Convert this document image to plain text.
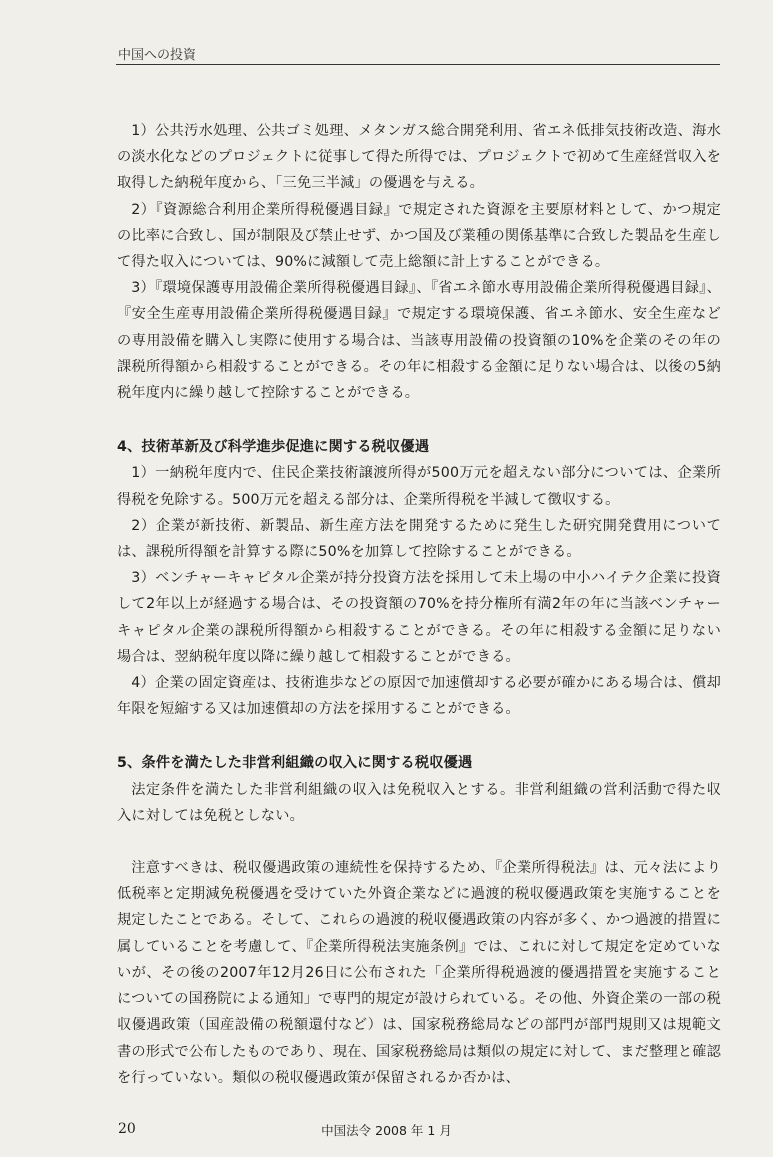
中国への投資

1）公共汚水処理、公共ゴミ処理、メタンガス総合開発利用、省エネ低排気技術改造、海水の淡水化などのプロジェクトに従事して得た所得では、プロジェクトで初めて生産経営収入を取得した納税年度から、「三免三半減」の優遇を与える。

2）『資源総合利用企業所得税優遇目録』で規定された資源を主要原材料として、かつ規定の比率に合致し、国が制限及び禁止せず、かつ国及び業種の関係基準に合致した製品を生産して得た収入については、90%に減額して売上総額に計上することができる。

3）『環境保護専用設備企業所得税優遇目録』、『省エネ節水専用設備企業所得税優遇目録』、『安全生産専用設備企業所得税優遇目録』で規定する環境保護、省エネ節水、安全生産などの専用設備を購入し実際に使用する場合は、当該専用設備の投資額の10%を企業のその年の課税所得額から相殺することができる。その年に相殺する金額に足りない場合は、以後の5納税年度内に繰り越して控除することができる。

4、技術革新及び科学進歩促進に関する税収優遇

1）一納税年度内で、住民企業技術譲渡所得が500万元を超えない部分については、企業所得税を免除する。500万元を超える部分は、企業所得税を半減して徴収する。

2）企業が新技術、新製品、新生産方法を開発するために発生した研究開発費用については、課税所得額を計算する際に50%を加算して控除することができる。

3）ベンチャーキャピタル企業が持分投資方法を採用して未上場の中小ハイテク企業に投資して2年以上が経過する場合は、その投資額の70%を持分権所有満2年の年に当該ベンチャーキャピタル企業の課税所得額から相殺することができる。その年に相殺する金額に足りない場合は、翌納税年度以降に繰り越して相殺することができる。

4）企業の固定資産は、技術進歩などの原因で加速償却する必要が確かにある場合は、償却年限を短縮する又は加速償却の方法を採用することができる。

5、条件を満たした非営利組織の収入に関する税収優遇

法定条件を満たした非営利組織の収入は免税収入とする。非営利組織の営利活動で得た収入に対しては免税としない。

注意すべきは、税収優遇政策の連続性を保持するため、『企業所得税法』は、元々法により低税率と定期減免税優遇を受けていた外資企業などに過渡的税収優遇政策を実施することを規定したことである。そして、これらの過渡的税収優遇政策の内容が多く、かつ過渡的措置に属していることを考慮して、『企業所得税法実施条例』では、これに対して規定を定めていないが、その後の2007年12月26日に公布された「企業所得税過渡的優遇措置を実施することについての国務院による通知」で専門的規定が設けられている。その他、外資企業の一部の税収優遇政策（国産設備の税額還付など）は、国家税務総局などの部門が部門規則又は規範文書の形式で公布したものであり、現在、国家税務総局は類似の規定に対して、まだ整理と確認を行っていない。類似の税収優遇政策が保留されるか否かは、

20	中国法令 2008 年 1 月
